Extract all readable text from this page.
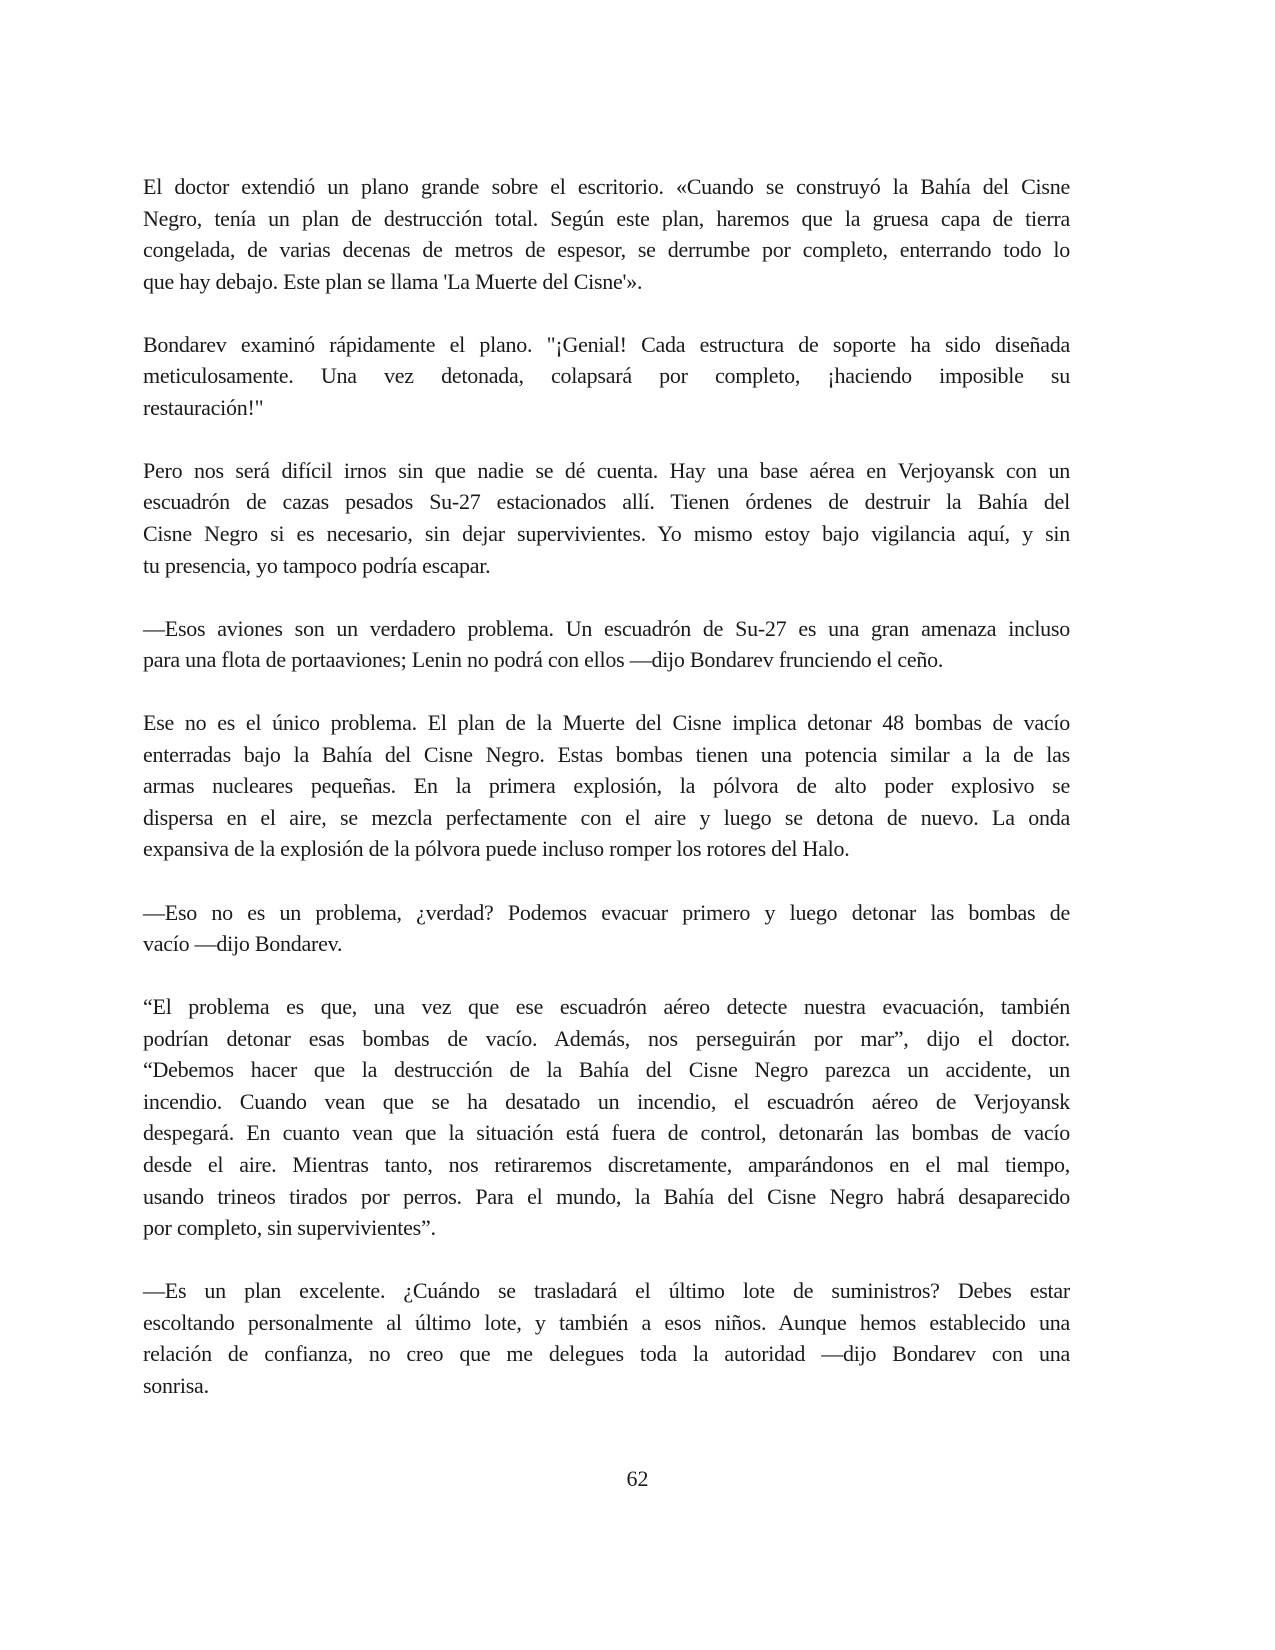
El doctor extendió un plano grande sobre el escritorio. «Cuando se construyó la Bahía del Cisne
Negro, tenía un plan de destrucción total. Según este plan, haremos que la gruesa capa de tierra
congelada, de varias decenas de metros de espesor, se derrumbe por completo, enterrando todo lo
que hay debajo. Este plan se llama 'La Muerte del Cisne'».
Bondarev examinó rápidamente el plano. "¡Genial! Cada estructura de soporte ha sido diseñada
meticulosamente. Una vez detonada, colapsará por completo, ¡haciendo imposible su
restauración!"
Pero nos será difícil irnos sin que nadie se dé cuenta. Hay una base aérea en Verjoyansk con un
escuadrón de cazas pesados Su-27 estacionados allí. Tienen órdenes de destruir la Bahía del
Cisne Negro si es necesario, sin dejar supervivientes. Yo mismo estoy bajo vigilancia aquí, y sin
tu presencia, yo tampoco podría escapar.
—Esos aviones son un verdadero problema. Un escuadrón de Su-27 es una gran amenaza incluso
para una flota de portaaviones; Lenin no podrá con ellos —dijo Bondarev frunciendo el ceño.
Ese no es el único problema. El plan de la Muerte del Cisne implica detonar 48 bombas de vacío
enterradas bajo la Bahía del Cisne Negro. Estas bombas tienen una potencia similar a la de las
armas nucleares pequeñas. En la primera explosión, la pólvora de alto poder explosivo se
dispersa en el aire, se mezcla perfectamente con el aire y luego se detona de nuevo. La onda
expansiva de la explosión de la pólvora puede incluso romper los rotores del Halo.
—Eso no es un problema, ¿verdad? Podemos evacuar primero y luego detonar las bombas de
vacío —dijo Bondarev.
“El problema es que, una vez que ese escuadrón aéreo detecte nuestra evacuación, también
podrían detonar esas bombas de vacío. Además, nos perseguirán por mar”, dijo el doctor.
“Debemos hacer que la destrucción de la Bahía del Cisne Negro parezca un accidente, un
incendio. Cuando vean que se ha desatado un incendio, el escuadrón aéreo de Verjoyansk
despegará. En cuanto vean que la situación está fuera de control, detonarán las bombas de vacío
desde el aire. Mientras tanto, nos retiraremos discretamente, amparándonos en el mal tiempo,
usando trineos tirados por perros. Para el mundo, la Bahía del Cisne Negro habrá desaparecido
por completo, sin supervivientes”.
—Es un plan excelente. ¿Cuándo se trasladará el último lote de suministros? Debes estar
escoltando personalmente al último lote, y también a esos niños. Aunque hemos establecido una
relación de confianza, no creo que me delegues toda la autoridad —dijo Bondarev con una
sonrisa.
62
